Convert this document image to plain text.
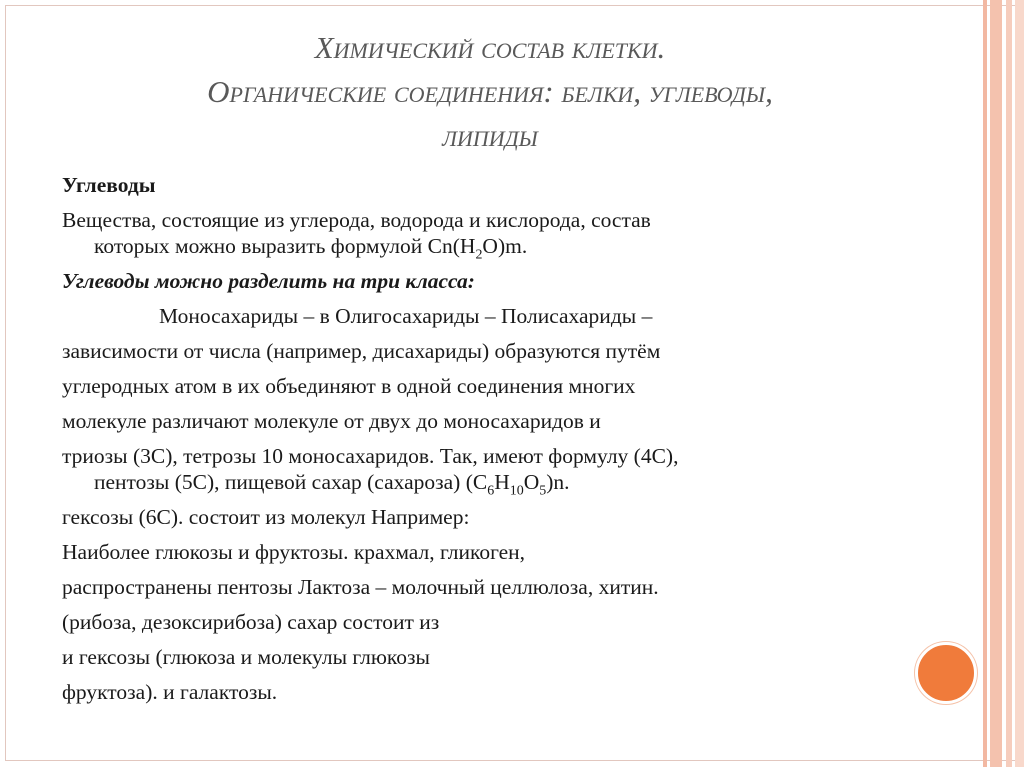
Химический состав клетки.
Органические соединения: белки, углеводы,
липиды
Углеводы
Вещества, состоящие из углерода, водорода и кислорода, состав
которых можно выразить формулой $Cn(H_2O)m$.
Углеводы можно разделить на три класса:
Моносахариды – в Олигосахариды – Полисахариды –
зависимости от числа (например, дисахариды) образуются путём
углеродных атом в их объединяют в одной соединения многих
молекуле различают молекуле от двух до моносахаридов и
триозы (3С), тетрозы 10 моносахаридов. Так, имеют формулу (4С),
пентозы (5С), пищевой сахар (сахароза) $(С_6Н_{10}О_5)n$.
гексозы (6С). состоит из молекул Например:
Наиболее глюкозы и фруктозы. крахмал, гликоген,
распространены пентозы Лактоза – молочный целлюлоза, хитин.
(рибоза, дезоксирибоза) сахар состоит из
и гексозы (глюкоза и молекулы глюкозы
фруктоза). и галактозы.
